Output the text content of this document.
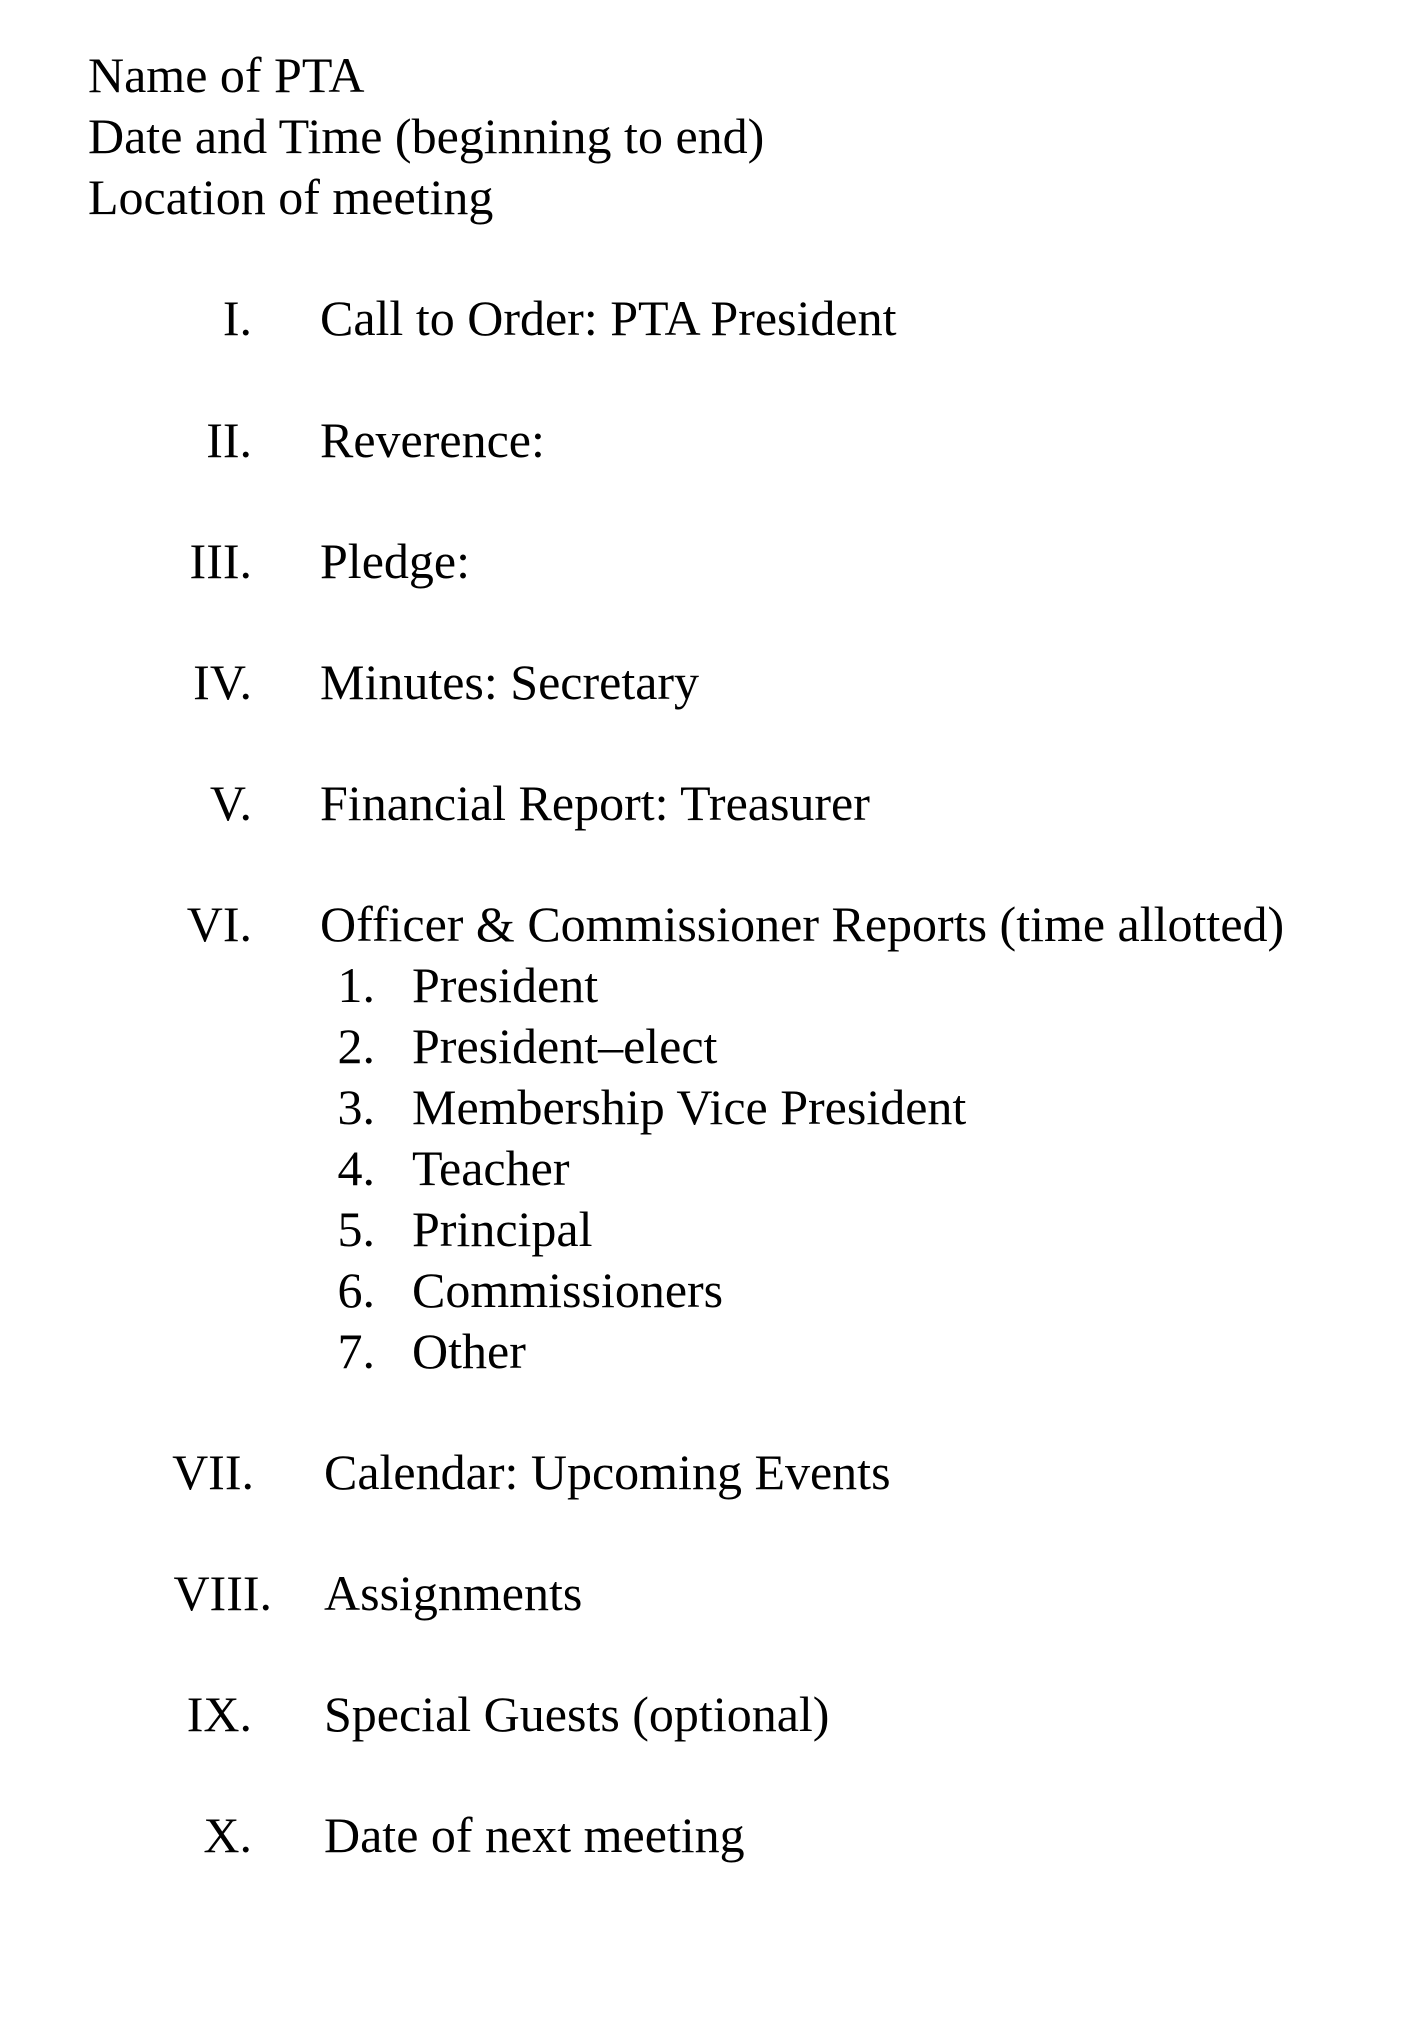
Name of PTA
Date and Time (beginning to end)
Location of meeting
I. Call to Order: PTA President
II. Reverence:
III. Pledge:
IV. Minutes: Secretary
V. Financial Report: Treasurer
VI. Officer & Commissioner Reports (time allotted)
1. President
2. President–elect
3. Membership Vice President
4. Teacher
5. Principal
6. Commissioners
7. Other
VII. Calendar: Upcoming Events
VIII. Assignments
IX. Special Guests (optional)
X. Date of next meeting
